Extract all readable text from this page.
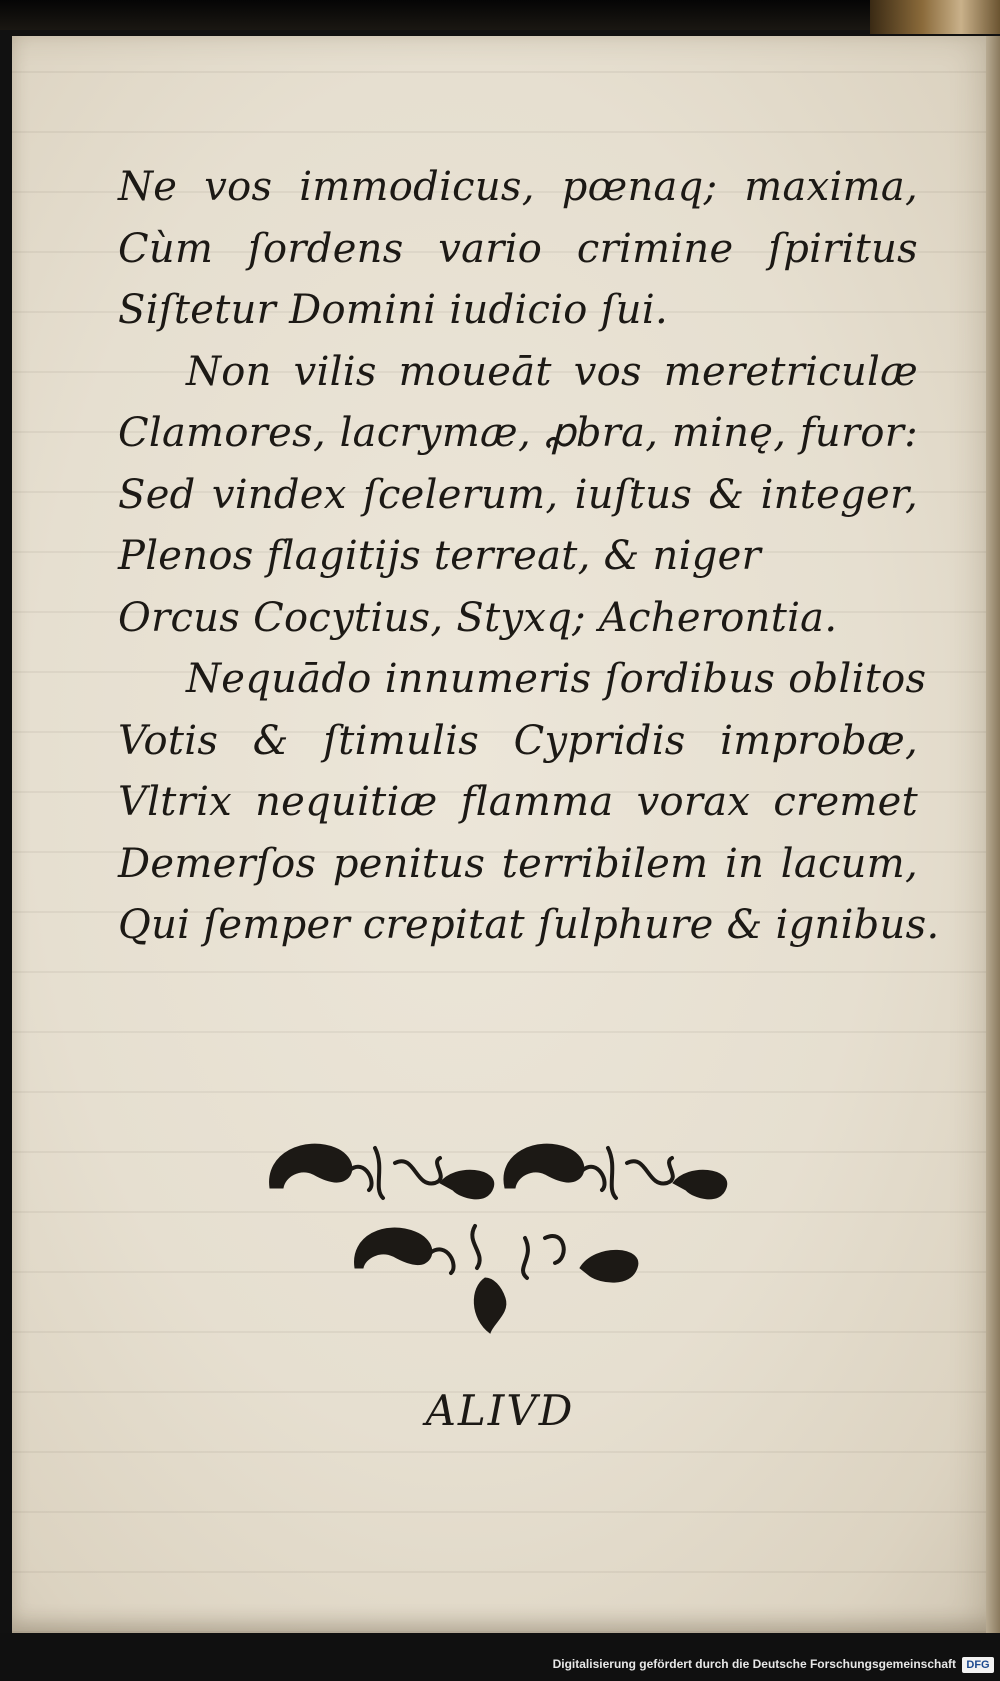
Ne vos immodicus, pœnaq; maxima,
Cùm ſordens vario crimine ſpiritus
Siſtetur Domini iudicio ſui.
Non vilis moueāt vos meretriculæ
Clamores, lacrymæ, ꝓbra, minę, furor:
Sed vindex ſcelerum, iuſtus & integer,
Plenos flagitijs terreat, & niger
Orcus Cocytius, Styxq; Acherontia.
Nequādo innumeris ſordibus oblitos
Votis & ſtimulis Cypridis improbæ,
Vltrix nequitiæ flamma vorax cremet
Demerſos penitus terribilem in lacum,
Qui ſemper crepitat ſulphure & ignibus.
ALIVD
Digitalisierung gefördert durch die Deutsche Forschungsgemeinschaft DFG
